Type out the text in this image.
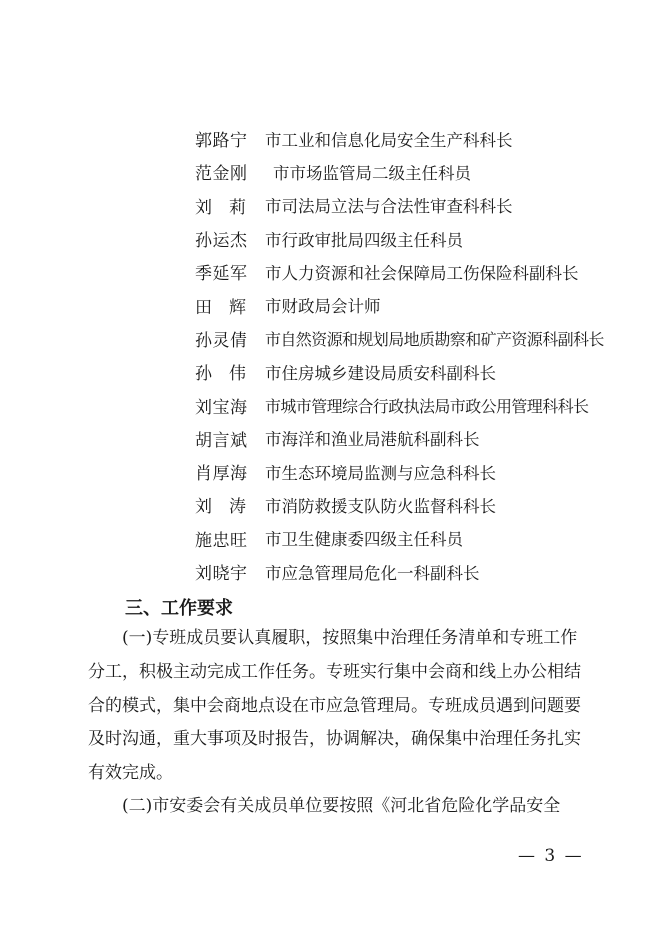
郭路宁	市工业和信息化局安全生产科科长
范金刚	市市场监管局二级主任科员
刘　莉	市司法局立法与合法性审查科科长
孙运杰	市行政审批局四级主任科员
季延军	市人力资源和社会保障局工伤保险科副科长
田　辉	市财政局会计师
孙灵倩	市自然资源和规划局地质勘察和矿产资源科副科长
孙　伟	市住房城乡建设局质安科副科长
刘宝海	市城市管理综合行政执法局市政公用管理科科长
胡言斌	市海洋和渔业局港航科副科长
肖厚海	市生态环境局监测与应急科科长
刘　涛	市消防救援支队防火监督科科长
施忠旺	市卫生健康委四级主任科员
刘晓宇	市应急管理局危化一科副科长
三、工作要求

(一)专班成员要认真履职，按照集中治理任务清单和专班工作分工，积极主动完成工作任务。专班实行集中会商和线上办公相结合的模式，集中会商地点设在市应急管理局。专班成员遇到问题要及时沟通，重大事项及时报告，协调解决，确保集中治理任务扎实有效完成。

(二)市安委会有关成员单位要按照《河北省危险化学品安全

— 3 —
